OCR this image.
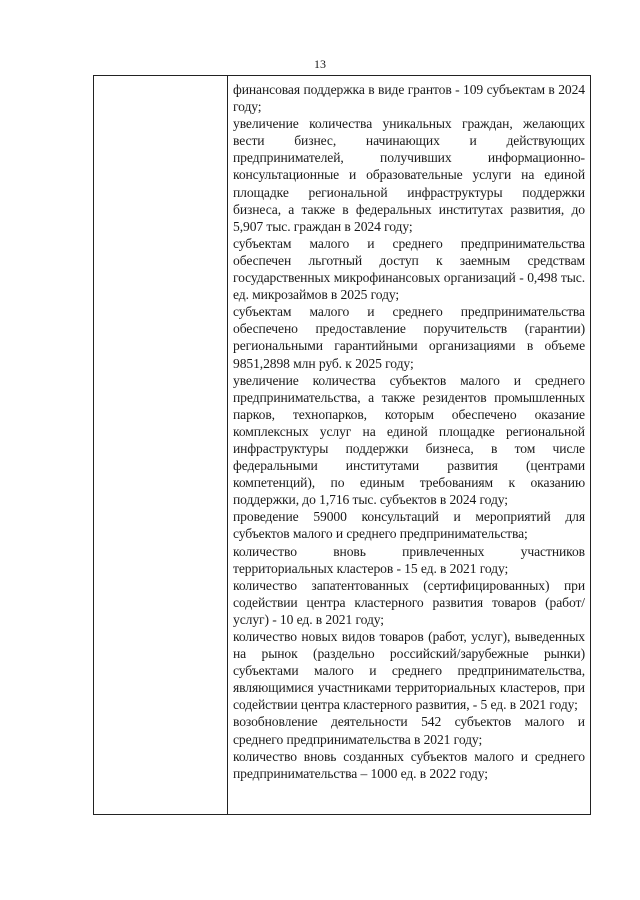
13

финансовая поддержка в виде грантов - 109 субъектам в 2024 году;

увеличение количества уникальных граждан, желающих вести бизнес, начинающих и действующих предпринимателей, получивших информационно-консультационные и образовательные услуги на единой площадке региональной инфраструктуры поддержки бизнеса, а также в федеральных институтах развития, до 5,907 тыс. граждан в 2024 году;

субъектам малого и среднего предпринимательства обеспечен льготный доступ к заемным средствам государственных микрофинансовых организаций - 0,498 тыс. ед. микрозаймов в 2025 году;

субъектам малого и среднего предпринимательства обеспечено предоставление поручительств (гарантии) региональными гарантийными организациями в объеме 9851,2898 млн руб. к 2025 году;

увеличение количества субъектов малого и среднего предпринимательства, а также резидентов промышленных парков, технопарков, которым обеспечено оказание комплексных услуг на единой площадке региональной инфраструктуры поддержки бизнеса, в том числе федеральными институтами развития (центрами компетенций), по единым требованиям к оказанию поддержки, до 1,716 тыс. субъектов в 2024 году;

проведение 59000 консультаций и мероприятий для субъектов малого и среднего предпринимательства;

количество вновь привлеченных участников территориальных кластеров - 15 ед. в 2021 году;

количество запатентованных (сертифицированных) при содействии центра кластерного развития товаров (работ/услуг) - 10 ед. в 2021 году;

количество новых видов товаров (работ, услуг), выведенных на рынок (раздельно российский/зарубежные рынки) субъектами малого и среднего предпринимательства, являющимися участниками территориальных кластеров, при содействии центра кластерного развития, - 5 ед. в 2021 году;

возобновление деятельности 542 субъектов малого и среднего предпринимательства в 2021 году;

количество вновь созданных субъектов малого и среднего предпринимательства – 1000 ед. в 2022 году;
